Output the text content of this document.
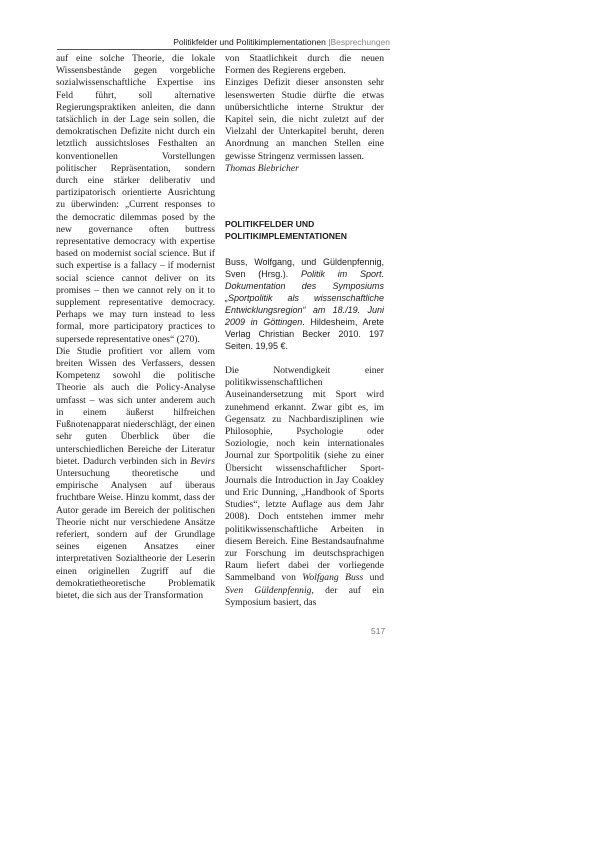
Politikfelder und Politikimplementationen |Besprechungen

auf eine solche Theorie, die lokale Wissensbestände gegen vorgebliche sozialwissenschaftliche Expertise ins Feld führt, soll alternative Regierungspraktiken anleiten, die dann tatsächlich in der Lage sein sollen, die demokratischen Defizite nicht durch ein letztlich aussichtsloses Festhalten an konventionellen Vorstellungen politischer Repräsentation, sondern durch eine stärker deliberativ und partizipatorisch orientierte Ausrichtung zu überwinden: „Current responses to the democratic dilemmas posed by the new governance often buttress representative democracy with expertise based on modernist social science. But if such expertise is a fallacy – if modernist social science cannot deliver on its promises – then we cannot rely on it to supplement representative democracy. Perhaps we may turn instead to less formal, more participatory practices to supersede representative ones“ (270).

Die Studie profitiert vor allem vom breiten Wissen des Verfassers, dessen Kompetenz sowohl die politische Theorie als auch die Policy-Analyse umfasst – was sich unter anderem auch in einem äußerst hilfreichen Fußnotenapparat niederschlägt, der einen sehr guten Überblick über die unterschiedlichen Bereiche der Literatur bietet. Dadurch verbinden sich in Bevirs Untersuchung theoretische und empirische Analysen auf überaus fruchtbare Weise. Hinzu kommt, dass der Autor gerade im Bereich der politischen Theorie nicht nur verschiedene Ansätze referiert, sondern auf der Grundlage seines eigenen Ansatzes einer interpretativen Sozialtheorie der Leserin einen originellen Zugriff auf die demokratietheoretische Problematik bietet, die sich aus der Transformation

von Staatlichkeit durch die neuen Formen des Regierens ergeben.

Einziges Defizit dieser ansonsten sehr lesenswerten Studie dürfte die etwas unübersichtliche interne Struktur der Kapitel sein, die nicht zuletzt auf der Vielzahl der Unterkapitel beruht, deren Anordnung an manchen Stellen eine gewisse Stringenz vermissen lassen.

Thomas Biebricher

POLITIKFELDER UND

POLITIKIMPLEMENTATIONEN

Buss, Wolfgang, und Güldenpfennig, Sven (Hrsg.). Politik im Sport. Dokumentation des Symposiums „Sportpolitik als wissenschaftliche Entwicklungsregion“ am 18./19. Juni 2009 in Göttingen. Hildesheim, Arete Verlag Christian Becker 2010. 197 Seiten. 19,95 €.

Die Notwendigkeit einer politikwissenschaftlichen Auseinandersetzung mit Sport wird zunehmend erkannt. Zwar gibt es, im Gegensatz zu Nachbardisziplinen wie Philosophie, Psychologie oder Soziologie, noch kein internationales Journal zur Sportpolitik (siehe zu einer Übersicht wissenschaftlicher Sport-Journals die Introduction in Jay Coakley und Eric Dunning, „Handbook of Sports Studies“, letzte Auflage aus dem Jahr 2008). Doch entstehen immer mehr politikwissenschaftliche Arbeiten in diesem Bereich. Eine Bestandsaufnahme zur Forschung im deutschsprachigen Raum liefert dabei der vorliegende Sammelband von Wolfgang Buss und Sven Güldenpfennig, der auf ein Symposium basiert, das

517
